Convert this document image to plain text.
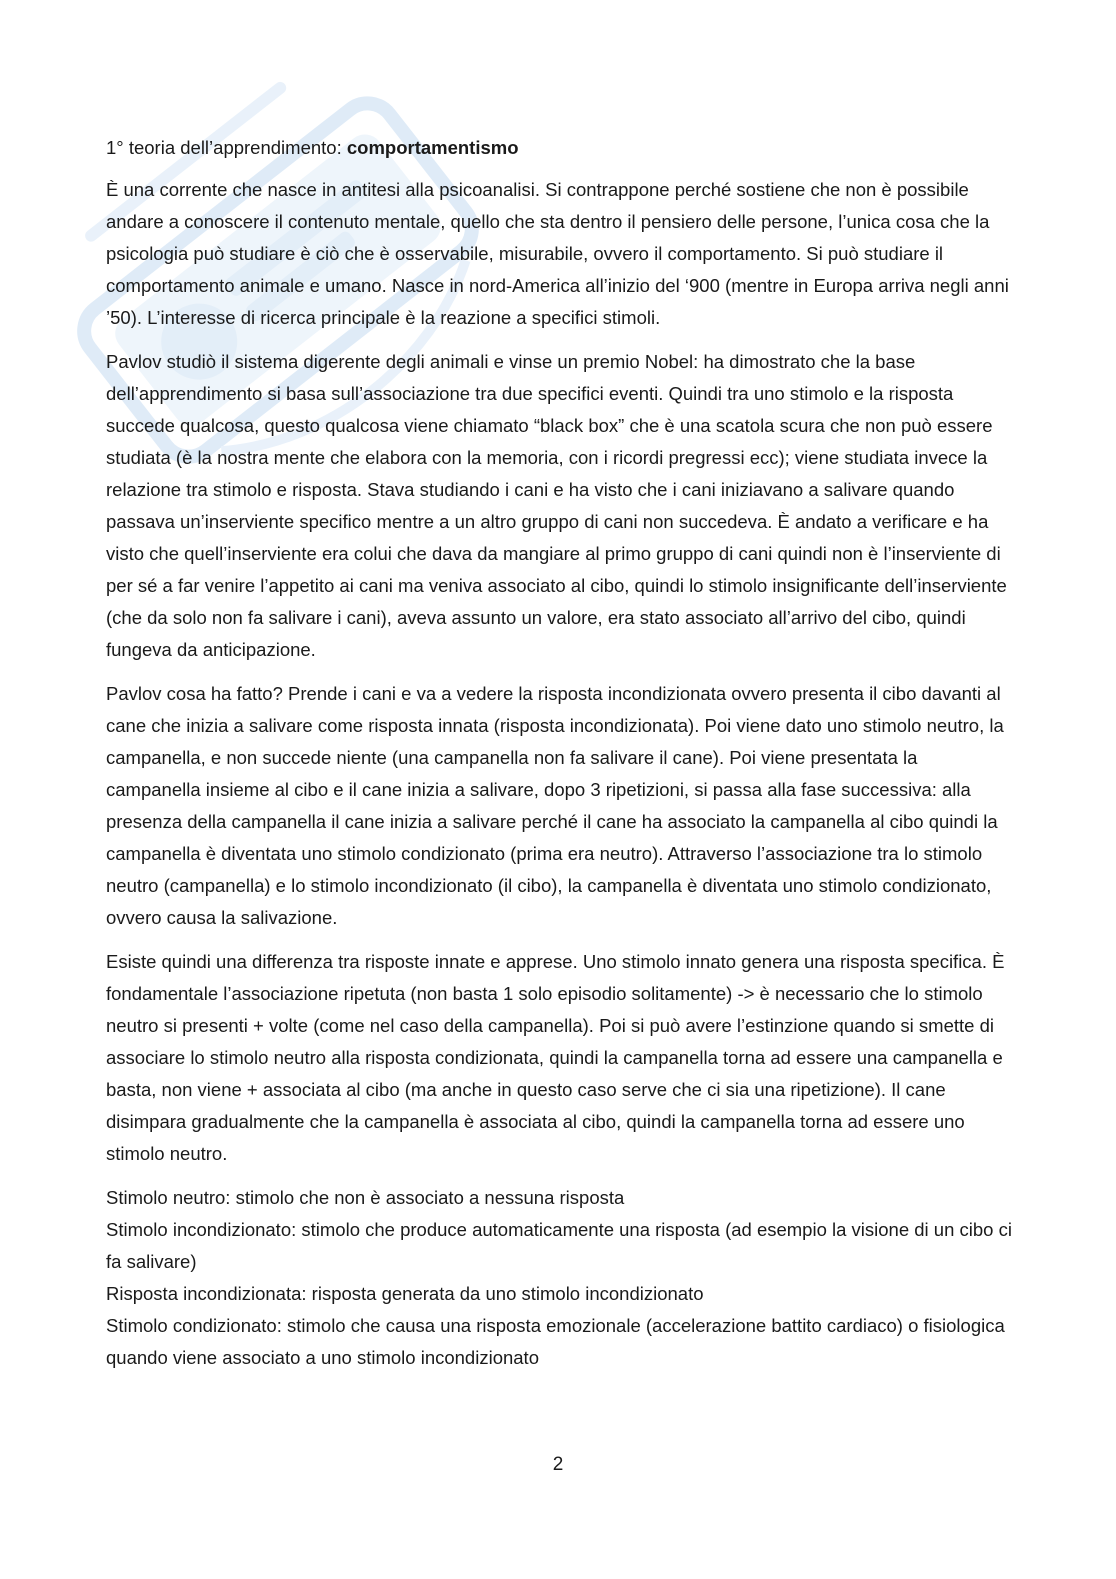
1° teoria dell’apprendimento: comportamentismo

È una corrente che nasce in antitesi alla psicoanalisi. Si contrappone perché sostiene che non è possibile andare a conoscere il contenuto mentale, quello che sta dentro il pensiero delle persone, l’unica cosa che la psicologia può studiare è ciò che è osservabile, misurabile, ovvero il comportamento. Si può studiare il comportamento animale e umano. Nasce in nord-America all’inizio del ‘900 (mentre in Europa arriva negli anni ’50). L’interesse di ricerca principale è la reazione a specifici stimoli.

Pavlov studiò il sistema digerente degli animali e vinse un premio Nobel: ha dimostrato che la base dell’apprendimento si basa sull’associazione tra due specifici eventi. Quindi tra uno stimolo e la risposta succede qualcosa, questo qualcosa viene chiamato “black box” che è una scatola scura che non può essere studiata (è la nostra mente che elabora con la memoria, con i ricordi pregressi ecc); viene studiata invece la relazione tra stimolo e risposta. Stava studiando i cani e ha visto che i cani iniziavano a salivare quando passava un’inserviente specifico mentre a un altro gruppo di cani non succedeva. È andato a verificare e ha visto che quell’inserviente era colui che dava da mangiare al primo gruppo di cani quindi non è l’inserviente di per sé a far venire l’appetito ai cani ma veniva associato al cibo, quindi lo stimolo insignificante dell’inserviente (che da solo non fa salivare i cani), aveva assunto un valore, era stato associato all’arrivo del cibo, quindi fungeva da anticipazione.

Pavlov cosa ha fatto? Prende i cani e va a vedere la risposta incondizionata ovvero presenta il cibo davanti al cane che inizia a salivare come risposta innata (risposta incondizionata). Poi viene dato uno stimolo neutro, la campanella, e non succede niente (una campanella non fa salivare il cane). Poi viene presentata la campanella insieme al cibo e il cane inizia a salivare, dopo 3 ripetizioni, si passa alla fase successiva: alla presenza della campanella il cane inizia a salivare perché il cane ha associato la campanella al cibo quindi la campanella è diventata uno stimolo condizionato (prima era neutro). Attraverso l’associazione tra lo stimolo neutro (campanella) e lo stimolo incondizionato (il cibo), la campanella è diventata uno stimolo condizionato, ovvero causa la salivazione.

Esiste quindi una differenza tra risposte innate e apprese. Uno stimolo innato genera una risposta specifica. È fondamentale l’associazione ripetuta (non basta 1 solo episodio solitamente) -> è necessario che lo stimolo neutro si presenti + volte (come nel caso della campanella). Poi si può avere l’estinzione quando si smette di associare lo stimolo neutro alla risposta condizionata, quindi la campanella torna ad essere una campanella e basta, non viene + associata al cibo (ma anche in questo caso serve che ci sia una ripetizione). Il cane disimpara gradualmente che la campanella è associata al cibo, quindi la campanella torna ad essere uno stimolo neutro.

Stimolo neutro: stimolo che non è associato a nessuna risposta
Stimolo incondizionato: stimolo che produce automaticamente una risposta (ad esempio la visione di un cibo ci fa salivare)
Risposta incondizionata: risposta generata da uno stimolo incondizionato
Stimolo condizionato: stimolo che causa una risposta emozionale (accelerazione battito cardiaco) o fisiologica quando viene associato a uno stimolo incondizionato
2
